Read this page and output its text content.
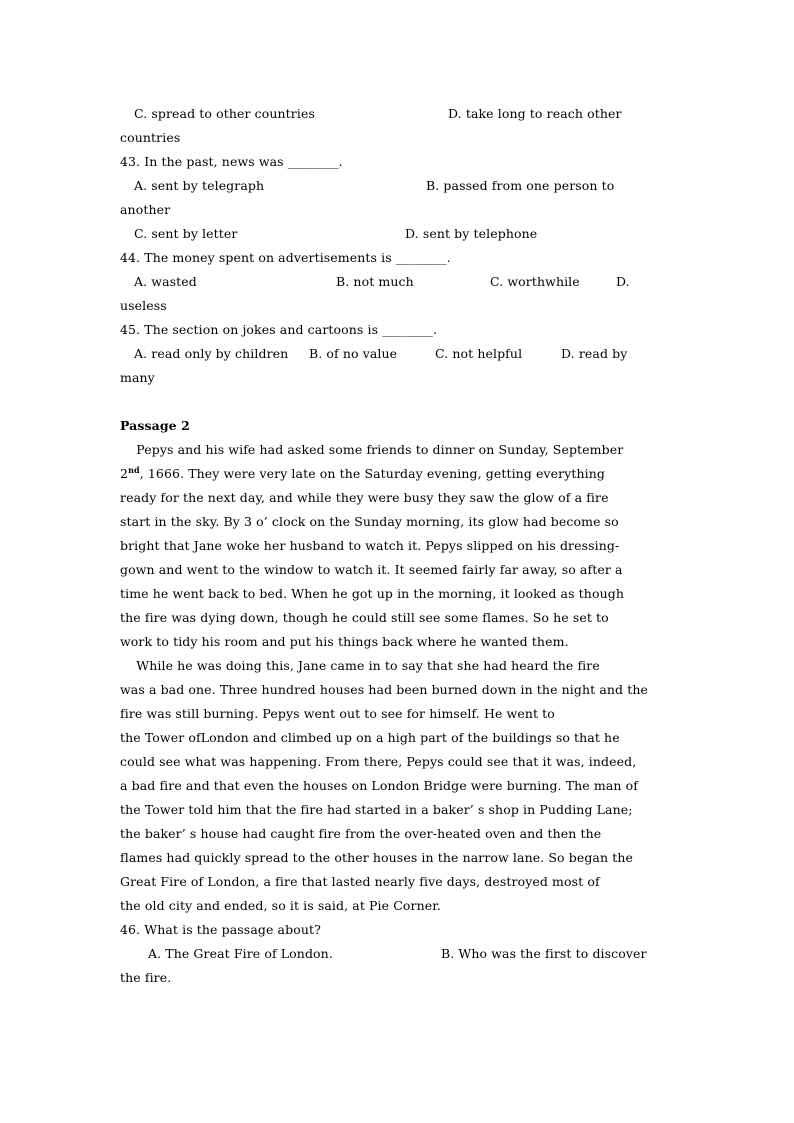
C. spread to other countries	D. take long to reach other
countries
43. In the past, news was ________.
A. sent by telegraph	B. passed from one person to
another
C. sent by letter	D. sent by telephone
44. The money spent on advertisements is ________.
A. wasted	B. not much	C. worthwhile	D.
useless
45. The section on jokes and cartoons is ________.
A. read only by children B. of no value	C. not helpful	D. read by
many
Passage 2
Pepys and his wife had asked some friends to dinner on Sunday, September
2nd, 1666. They were very late on the Saturday evening, getting everything
ready for the next day, and while they were busy they saw the glow of a fire
start in the sky. By 3 o’ clock on the Sunday morning, its glow had become so
bright that Jane woke her husband to watch it. Pepys slipped on his dressing-
gown and went to the window to watch it. It seemed fairly far away, so after a
time he went back to bed. When he got up in the morning, it looked as though
the fire was dying down, though he could still see some flames. So he set to
work to tidy his room and put his things back where he wanted them.
While he was doing this, Jane came in to say that she had heard the fire
was a bad one. Three hundred houses had been burned down in the night and the
fire was still burning. Pepys went out to see for himself. He went to
the Tower ofLondon and climbed up on a high part of the buildings so that he
could see what was happening. From there, Pepys could see that it was, indeed,
a bad fire and that even the houses on London Bridge were burning. The man of
the Tower told him that the fire had started in a baker’ s shop in Pudding Lane;
the baker’ s house had caught fire from the over-heated oven and then the
flames had quickly spread to the other houses in the narrow lane. So began the
Great Fire of London, a fire that lasted nearly five days, destroyed most of
the old city and ended, so it is said, at Pie Corner.
46. What is the passage about?
A. The Great Fire of London.	B. Who was the first to discover
the fire.
